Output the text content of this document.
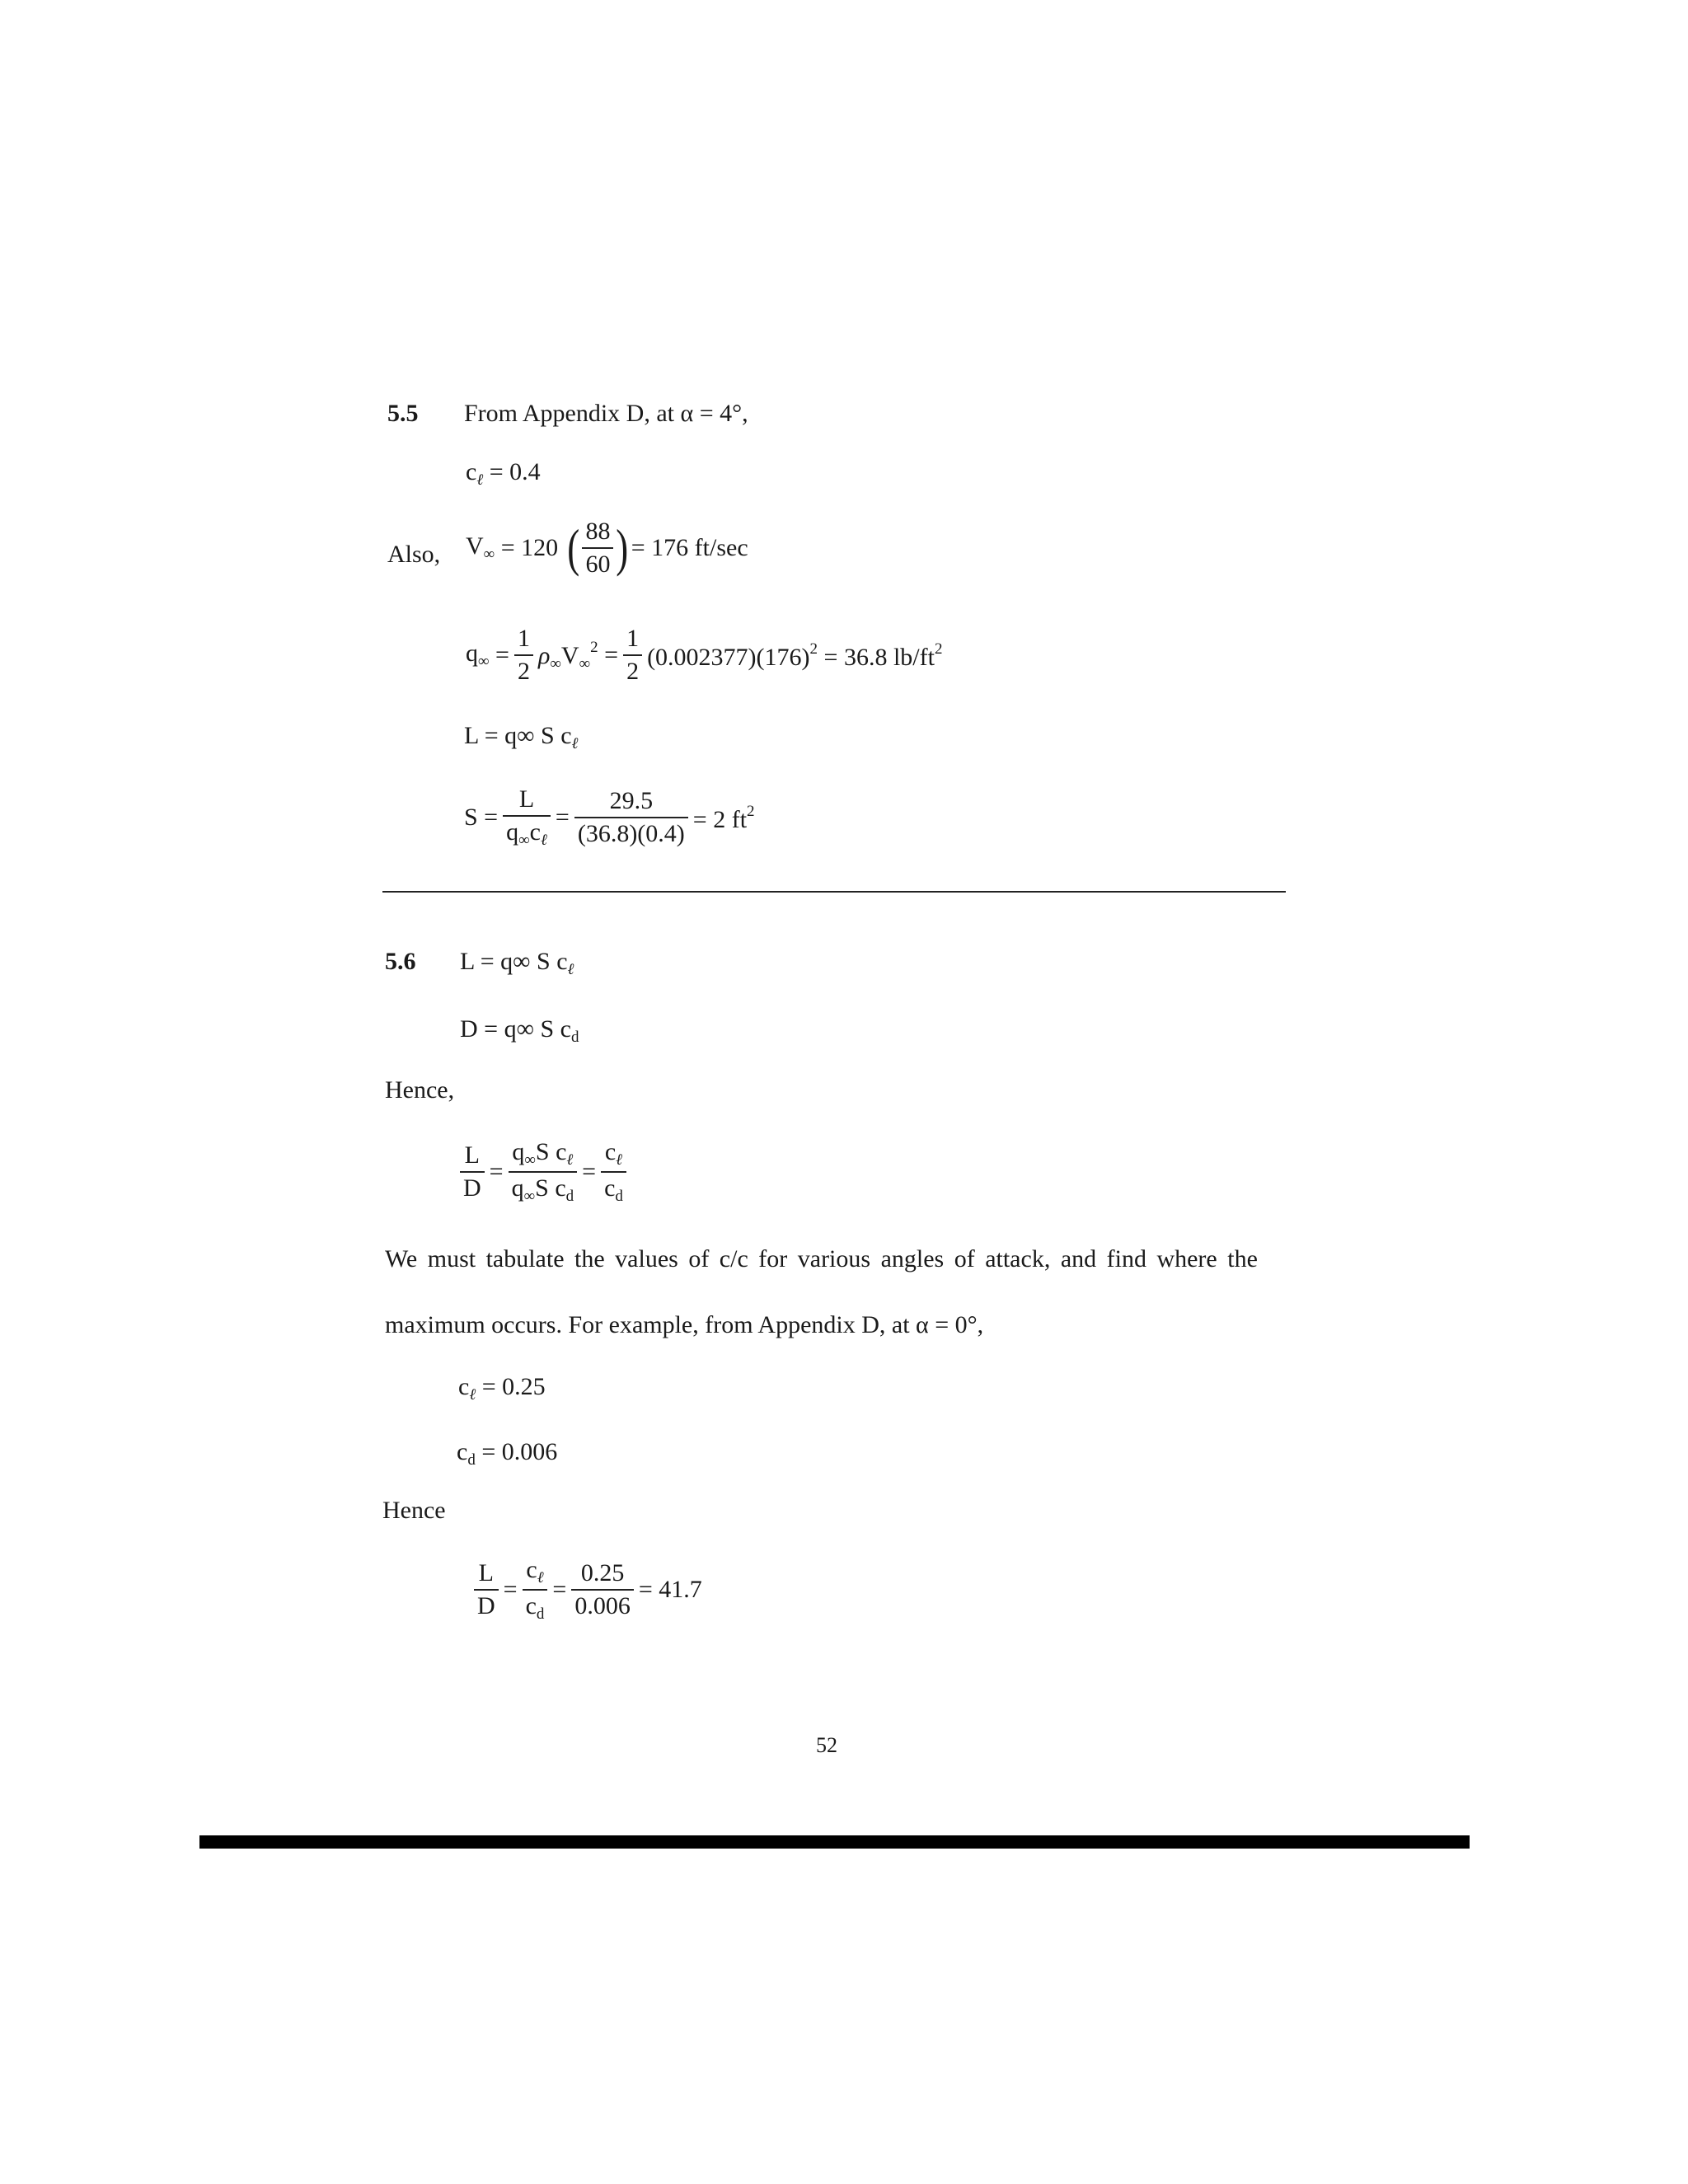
5.5 From Appendix D, at α = 4°,
$c_\ell = 0.4$
Also, $V_\infty$
= 120 ( $\frac{88}{60}$ ) = 176 ft/sec
$q_\infty$
= $\frac{1}{2} \rho_\infty V_\infty^2$
= $\frac{1}{2} (0.002377)(176)^2 = 36.8$ $lb/ft^2$
L = q∞ S $c_\ell$
$S = \frac{L}{q_\infty c_\ell} = \frac{29.5}{(36.8)(0.4)} = 2$ $ft^2$
5.6 L = q∞ S $c_\ell$
D = q∞ S $c_d$
Hence,
$\frac{L}{D} = \frac{q_\infty S c_\ell}{q_\infty S c_d} = \frac{c_\ell}{c_d}$
We must tabulate the values of c/c for various angles of attack, and find where the
maximum occurs. For example, from Appendix D, at α = 0°,
$c_\ell = 0.25$
$c_d = 0.006$
Hence
$\frac{L}{D} = \frac{c_\ell}{c_d} = \frac{0.25}{0.006} = 41.7$
52
